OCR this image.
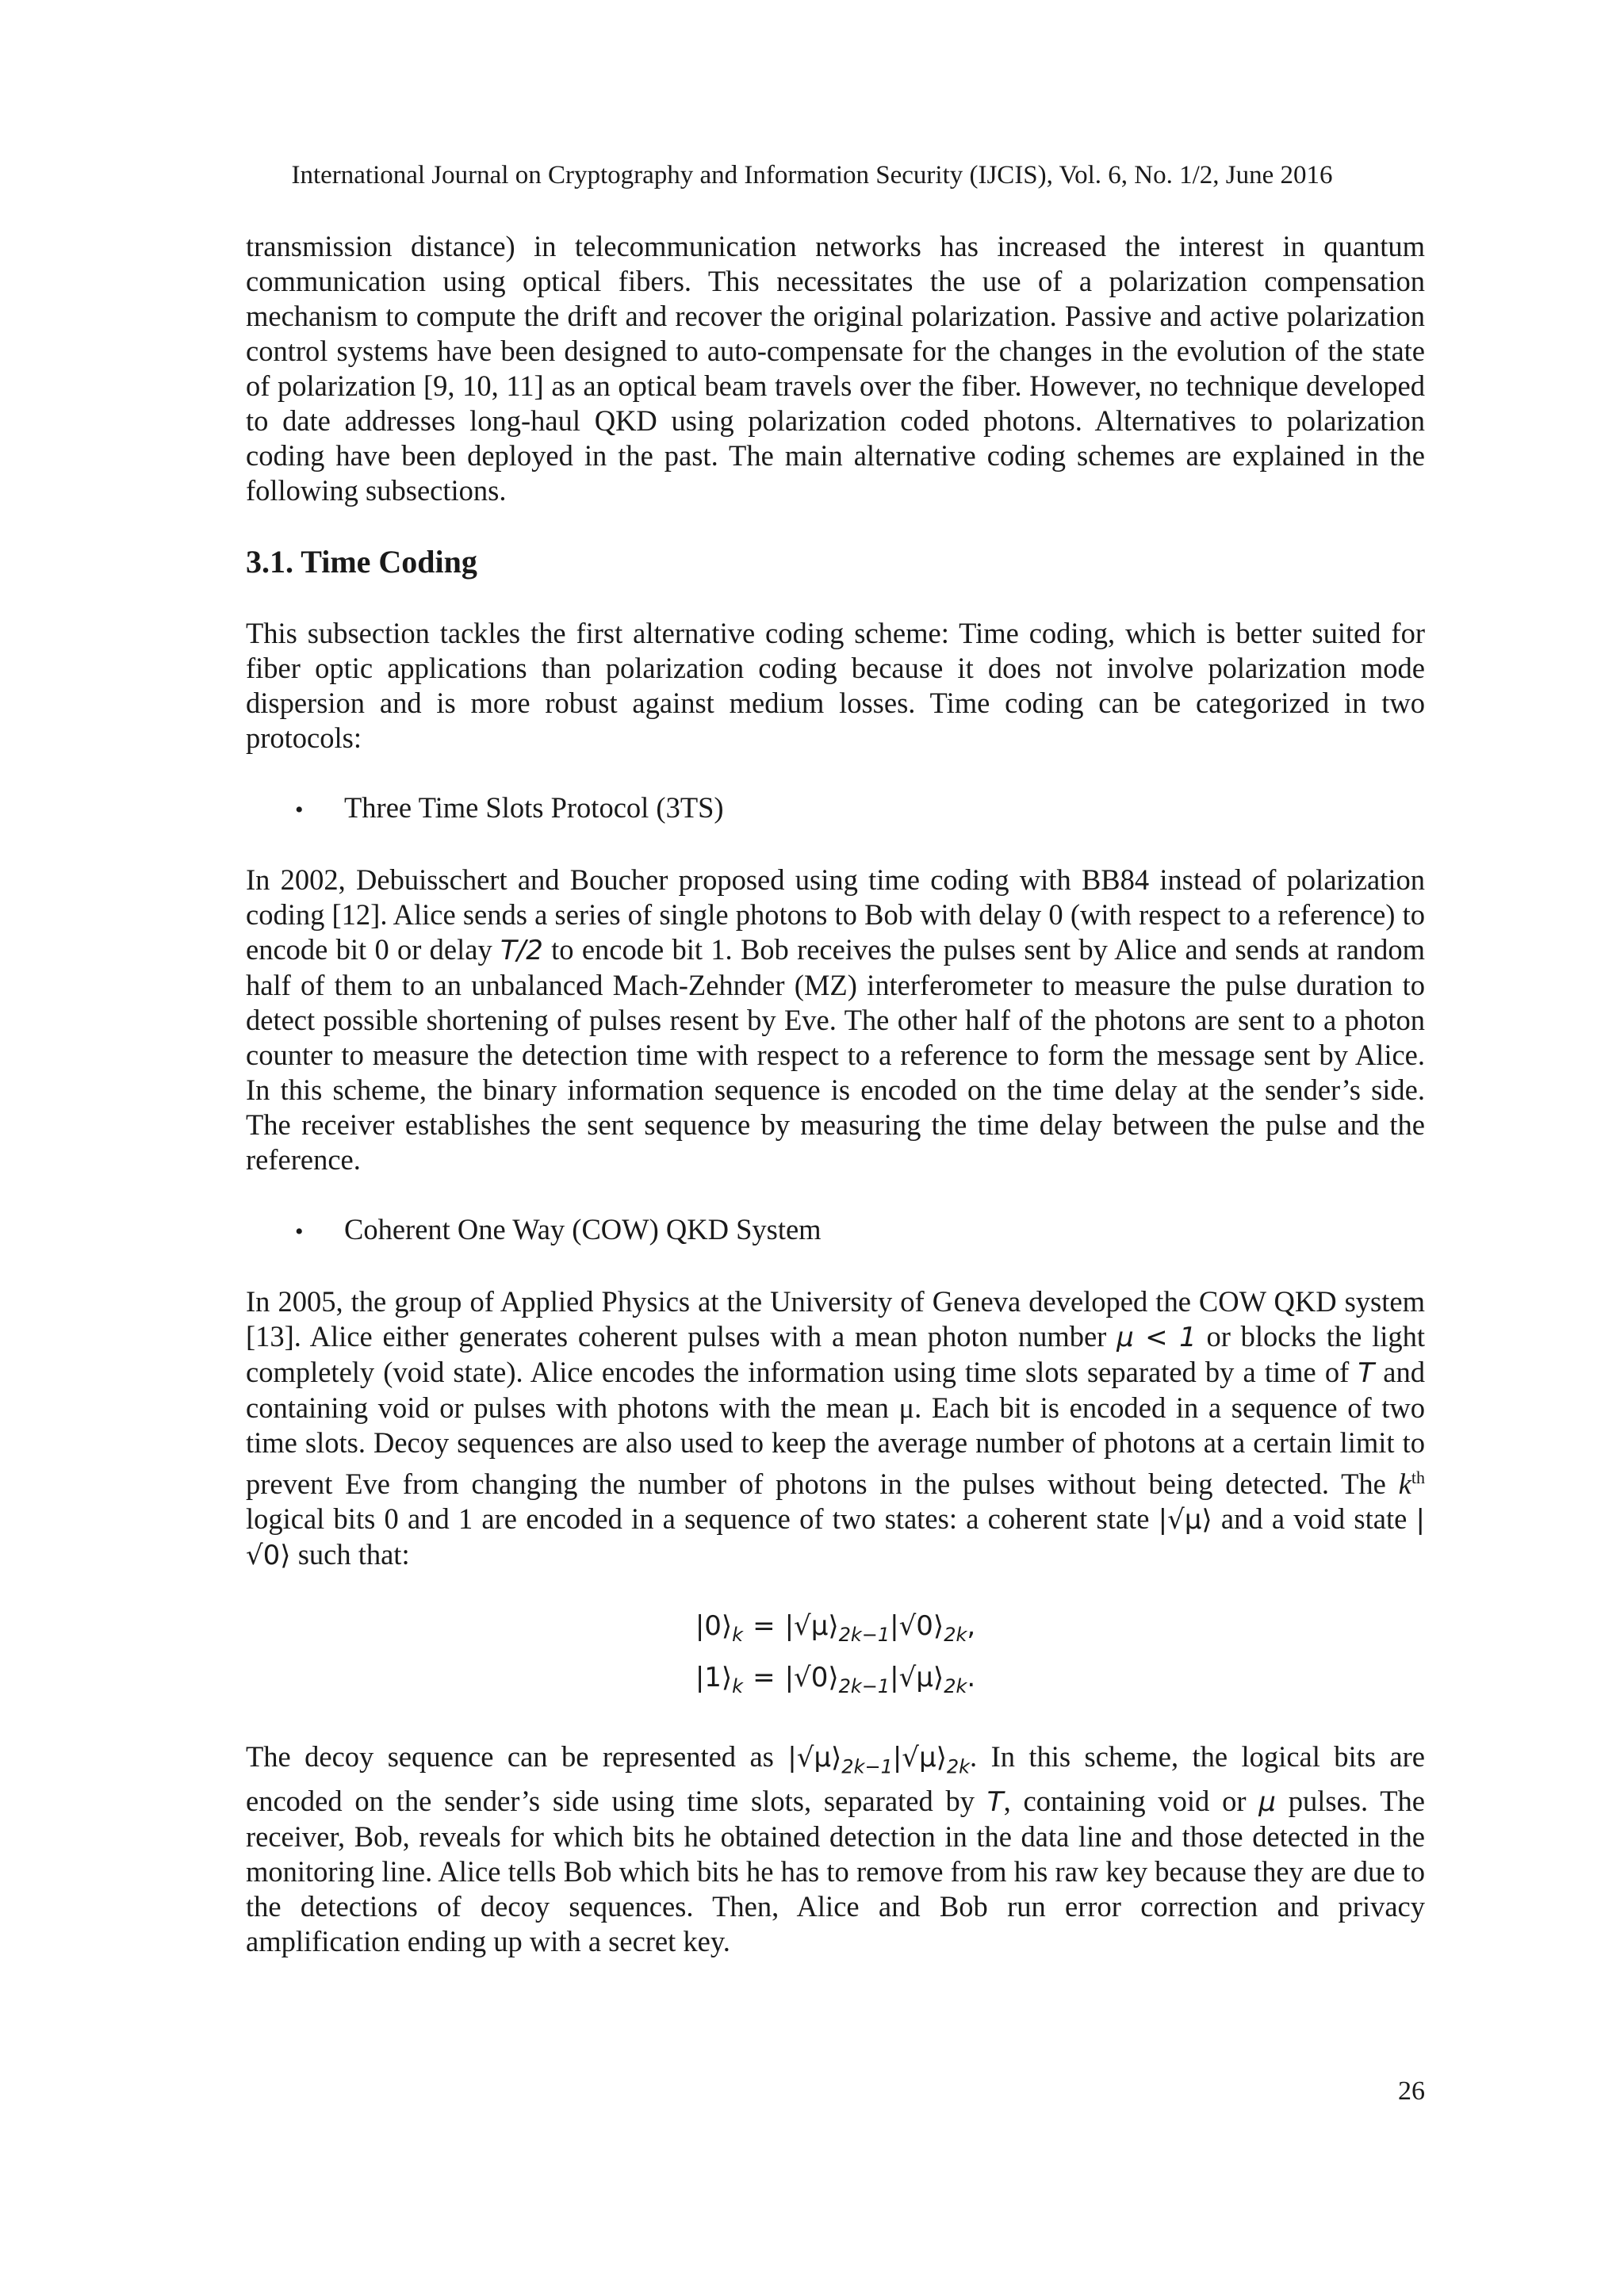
International Journal on Cryptography and Information Security (IJCIS), Vol. 6, No. 1/2, June 2016

transmission distance) in telecommunication networks has increased the interest in quantum communication using optical fibers. This necessitates the use of a polarization compensation mechanism to compute the drift and recover the original polarization. Passive and active polarization control systems have been designed to auto-compensate for the changes in the evolution of the state of polarization [9, 10, 11] as an optical beam travels over the fiber. However, no technique developed to date addresses long-haul QKD using polarization coded photons. Alternatives to polarization coding have been deployed in the past. The main alternative coding schemes are explained in the following subsections.

3.1. Time Coding

This subsection tackles the first alternative coding scheme: Time coding, which is better suited for fiber optic applications than polarization coding because it does not involve polarization mode dispersion and is more robust against medium losses. Time coding can be categorized in two protocols:

•	Three Time Slots Protocol (3TS)

In 2002, Debuisschert and Boucher proposed using time coding with BB84 instead of polarization coding [12]. Alice sends a series of single photons to Bob with delay 0 (with respect to a reference) to encode bit 0 or delay T/2 to encode bit 1. Bob receives the pulses sent by Alice and sends at random half of them to an unbalanced Mach-Zehnder (MZ) interferometer to measure the pulse duration to detect possible shortening of pulses resent by Eve. The other half of the photons are sent to a photon counter to measure the detection time with respect to a reference to form the message sent by Alice. In this scheme, the binary information sequence is encoded on the time delay at the sender’s side. The receiver establishes the sent sequence by measuring the time delay between the pulse and the reference.

•	Coherent One Way (COW) QKD System

In 2005, the group of Applied Physics at the University of Geneva developed the COW QKD system [13]. Alice either generates coherent pulses with a mean photon number μ < 1 or blocks the light completely (void state). Alice encodes the information using time slots separated by a time of T and containing void or pulses with photons with the mean μ. Each bit is encoded in a sequence of two time slots. Decoy sequences are also used to keep the average number of photons at a certain limit to prevent Eve from changing the number of photons in the pulses without being detected. The $k^{th}$ logical bits 0 and 1 are encoded in a sequence of two states: a coherent state |√μ⟩ and a void state |√0⟩ such that:

$|0⟩_k$ = $|√\mu⟩_{2k-1}|√0⟩_{2k}$,
$|1⟩_k$ = $|√0⟩_{2k-1}|√\mu⟩_{2k}$.

The decoy sequence can be represented as $|√\mu⟩_{2k-1}|√\mu⟩_{2k}$. In this scheme, the logical bits are encoded on the sender’s side using time slots, separated by T, containing void or μ pulses. The receiver, Bob, reveals for which bits he obtained detection in the data line and those detected in the monitoring line. Alice tells Bob which bits he has to remove from his raw key because they are due to the detections of decoy sequences. Then, Alice and Bob run error correction and privacy amplification ending up with a secret key.

26
